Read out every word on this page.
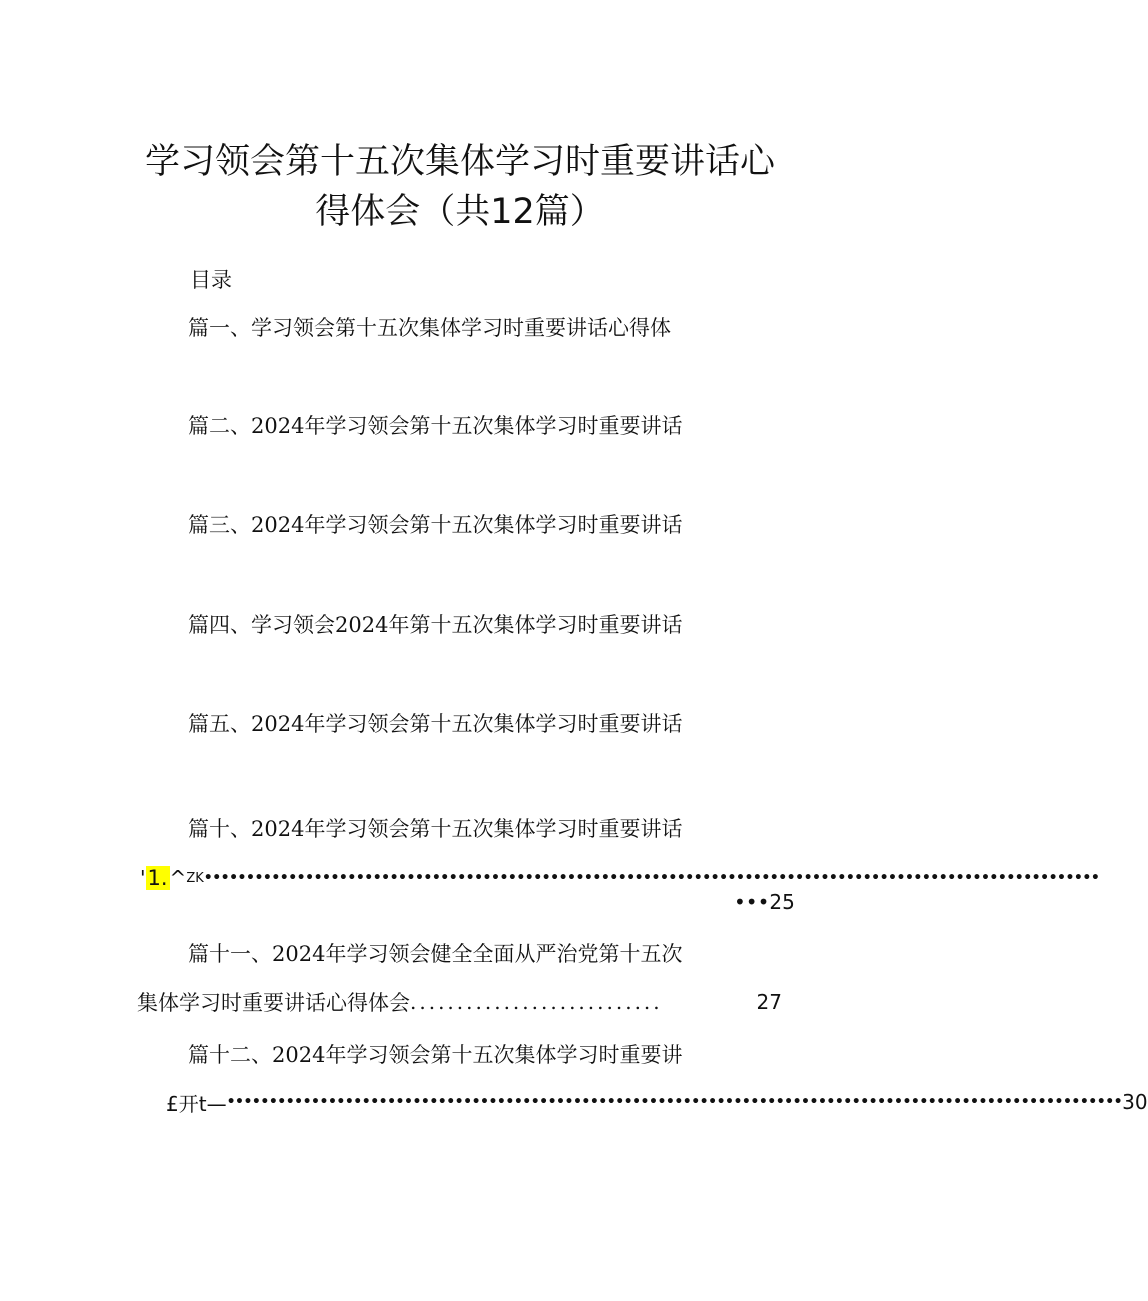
学习领会第十五次集体学习时重要讲话心
得体会（共12篇）
目录
篇一、学习领会第十五次集体学习时重要讲话心得体
篇二、2024年学习领会第十五次集体学习时重要讲话
篇三、2024年学习领会第十五次集体学习时重要讲话
篇四、学习领会2024年第十五次集体学习时重要讲话
篇五、2024年学习领会第十五次集体学习时重要讲话
篇十、2024年学习领会第十五次集体学习时重要讲话
' 1. ^ Z K ••••••••••••••••••••••••••••••••••••••••••••••••••••••••••••••••••••••••••••••••••••••••••••••••••••••••••
•••25
篇十一、2024年学习领会健全全面从严治党第十五次
集体学习时重要讲话心得体会 ...........................	27
篇十二、2024年学习领会第十五次集体学习时重要讲
£开t— •••••••••••••••••••••••••••••••••••••••••••••••••••••••••••••••••••••••••••••••••••••••••••••••••••••••••• 30
